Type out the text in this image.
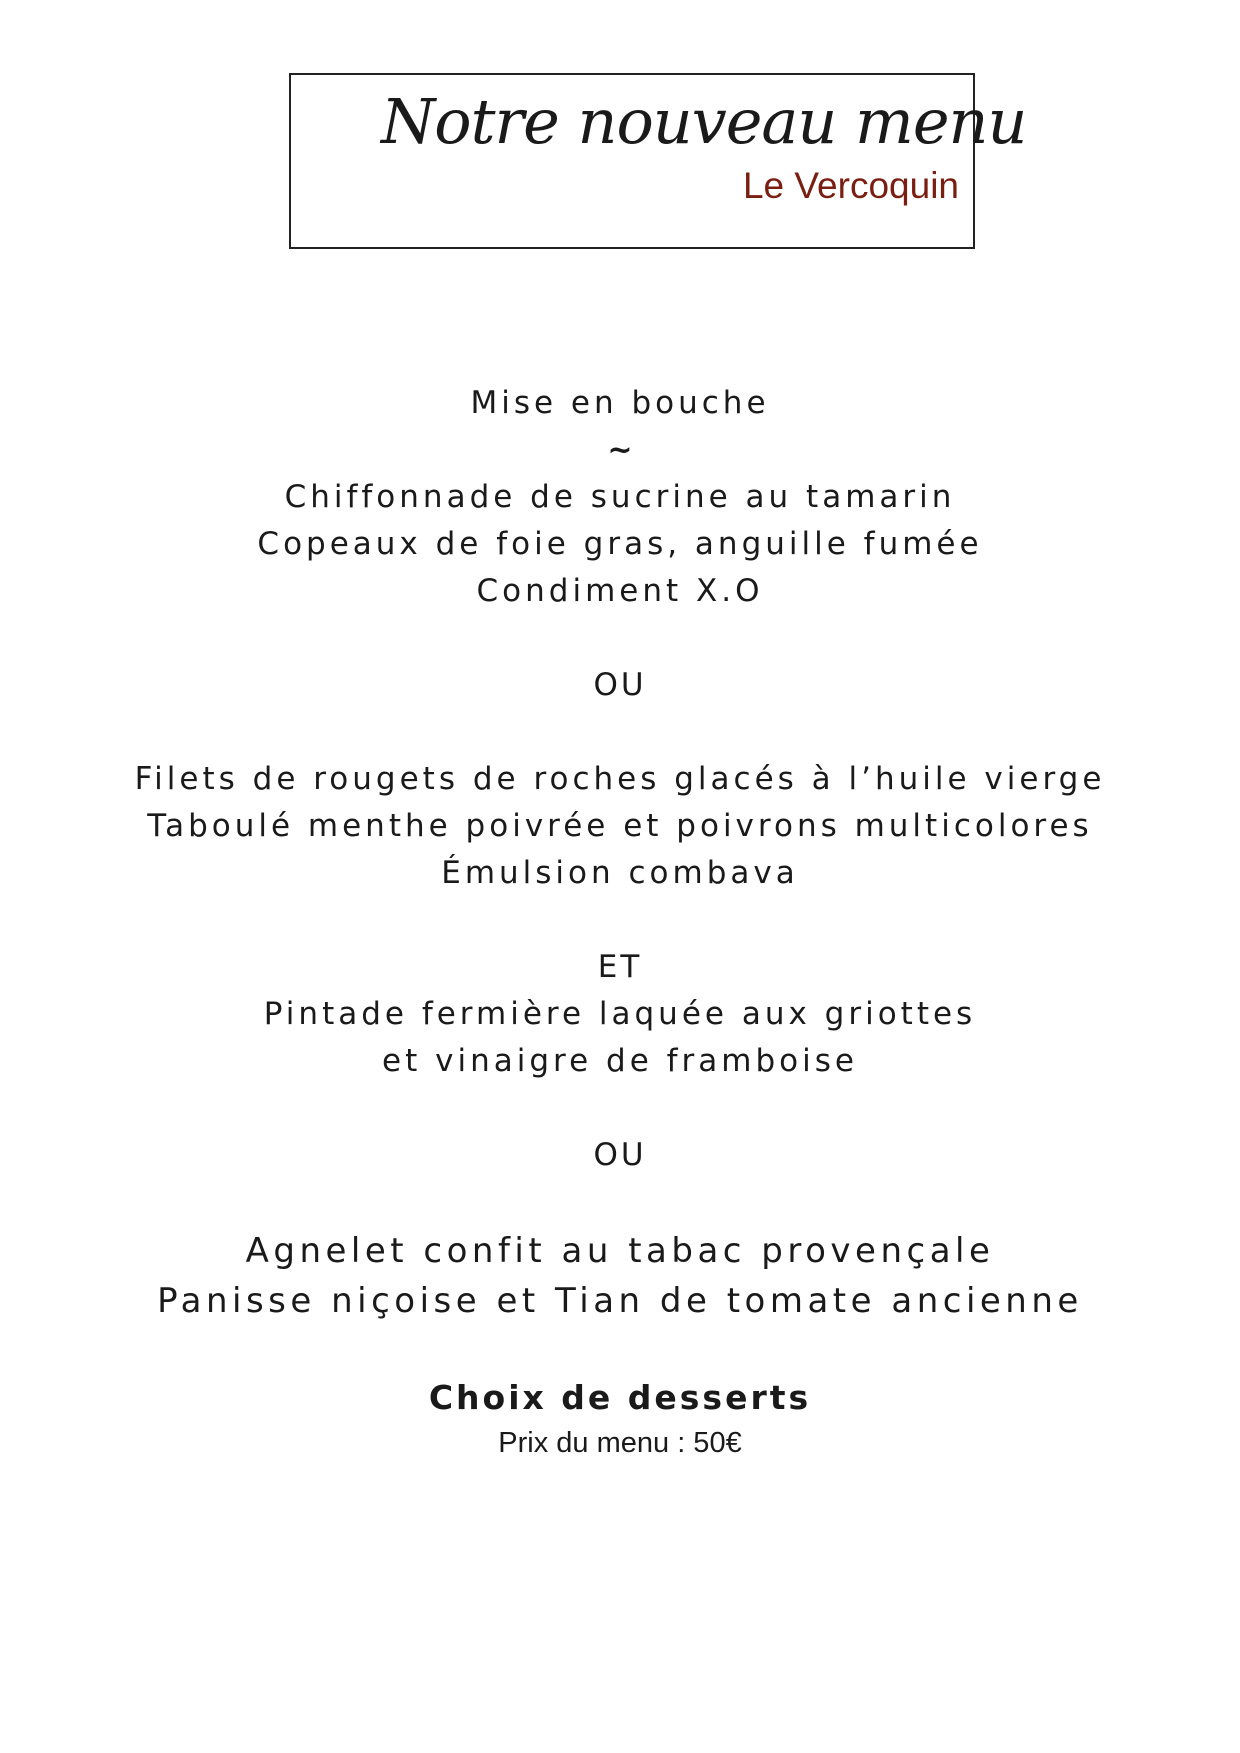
Notre nouveau menu
Le Vercoquin
Mise en bouche
~
Chiffonnade de sucrine au tamarin
Copeaux de foie gras, anguille fumée
Condiment X.O
OU
Filets de rougets de roches glacés à l’huile vierge
Taboulé menthe poivrée et poivrons multicolores
Émulsion combava
ET
Pintade fermière laquée aux griottes
et vinaigre de framboise
OU
Agnelet confit au tabac provençale
Panisse niçoise et Tian de tomate ancienne
Choix de desserts
Prix du menu : 50€
